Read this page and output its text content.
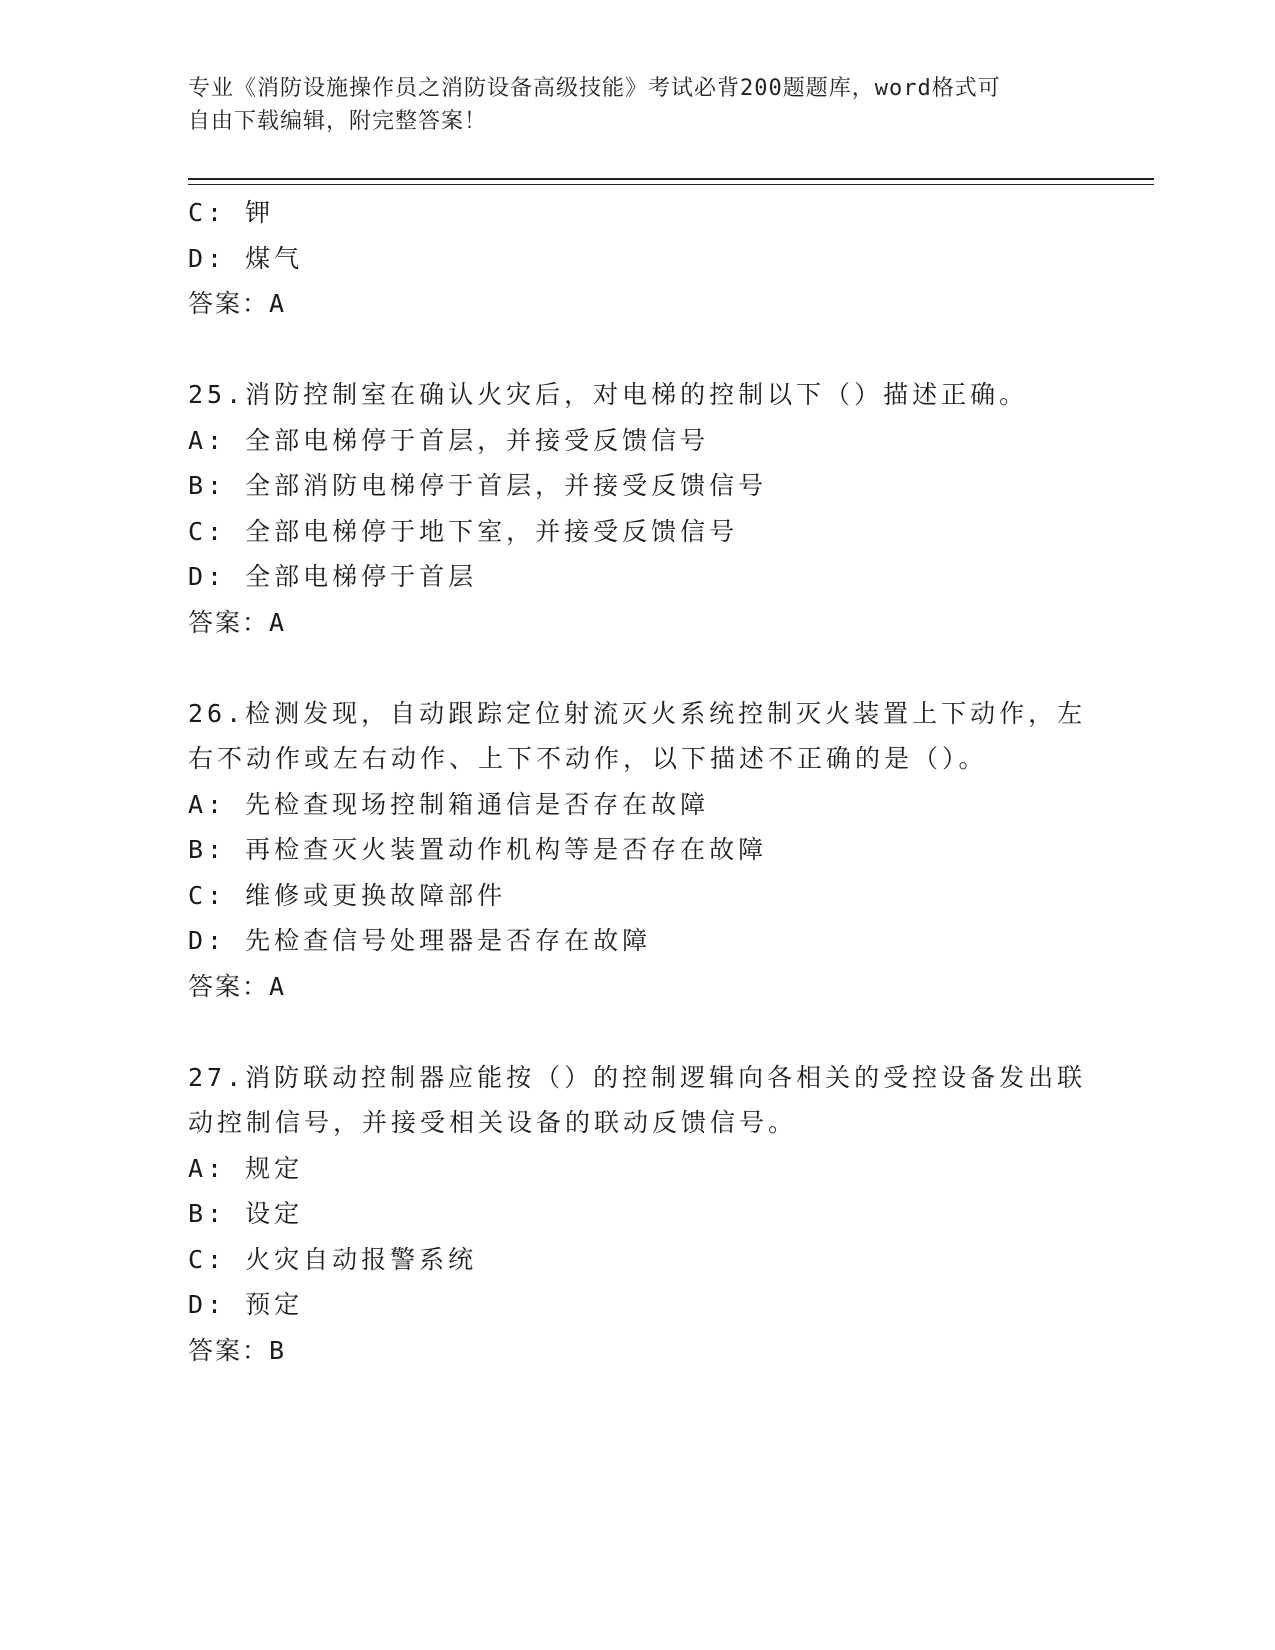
专业《消防设施操作员之消防设备高级技能》考试必背200题题库，word格式可
自由下载编辑，附完整答案！
C: 钾
D: 煤气
答案：A
25.消防控制室在确认火灾后，对电梯的控制以下（）描述正确。
A: 全部电梯停于首层，并接受反馈信号
B: 全部消防电梯停于首层，并接受反馈信号
C: 全部电梯停于地下室，并接受反馈信号
D: 全部电梯停于首层
答案：A
26.检测发现，自动跟踪定位射流灭火系统控制灭火装置上下动作，左
右不动作或左右动作、上下不动作，以下描述不正确的是（）。
A: 先检查现场控制箱通信是否存在故障
B: 再检查灭火装置动作机构等是否存在故障
C: 维修或更换故障部件
D: 先检查信号处理器是否存在故障
答案：A
27.消防联动控制器应能按（）的控制逻辑向各相关的受控设备发出联
动控制信号，并接受相关设备的联动反馈信号。
A: 规定
B: 设定
C: 火灾自动报警系统
D: 预定
答案：B
